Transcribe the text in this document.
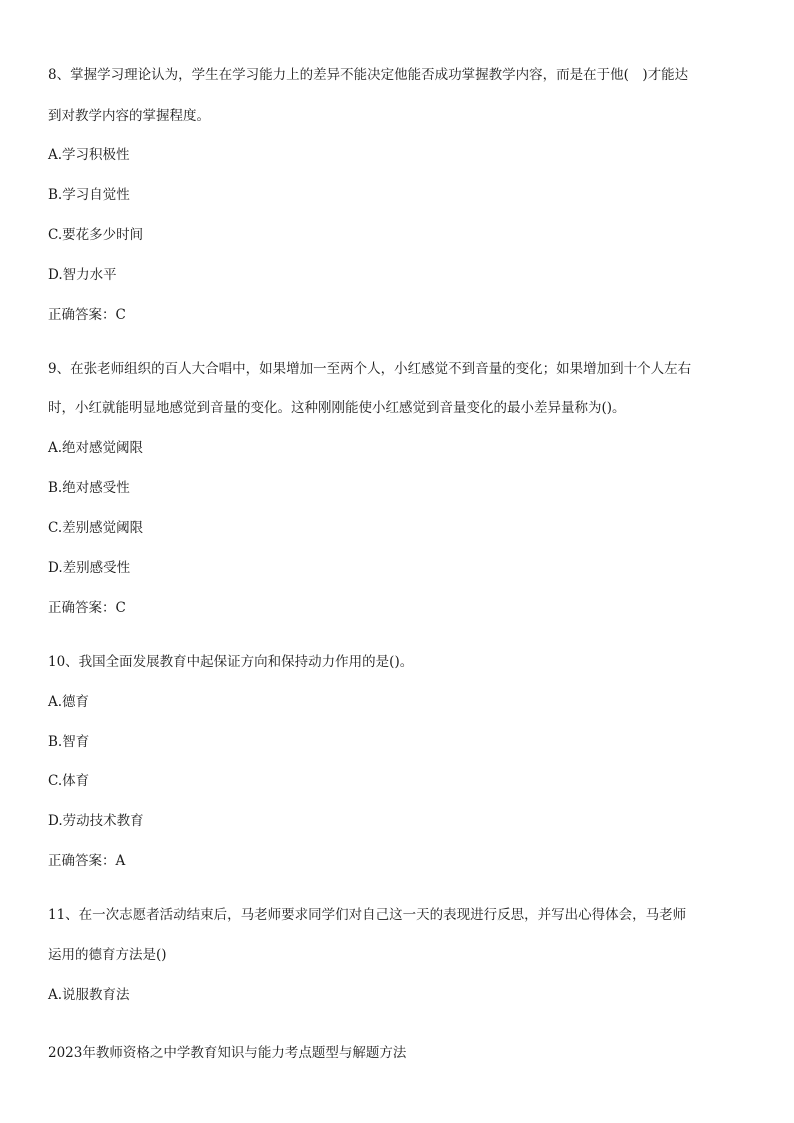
8、掌握学习理论认为，学生在学习能力上的差异不能决定他能否成功掌握教学内容，而是在于他(　)才能达
到对教学内容的掌握程度。
A.学习积极性
B.学习自觉性
C.要花多少时间
D.智力水平
正确答案：C
9、在张老师组织的百人大合唱中，如果增加一至两个人，小红感觉不到音量的变化；如果增加到十个人左右
时，小红就能明显地感觉到音量的变化。这种刚刚能使小红感觉到音量变化的最小差异量称为()。
A.绝对感觉阈限
B.绝对感受性
C.差别感觉阈限
D.差别感受性
正确答案：C
10、我国全面发展教育中起保证方向和保持动力作用的是()。
A.德育
B.智育
C.体育
D.劳动技术教育
正确答案：A
11、在一次志愿者活动结束后，马老师要求同学们对自己这一天的表现进行反思，并写出心得体会，马老师
运用的德育方法是()
A.说服教育法
2023年教师资格之中学教育知识与能力考点题型与解题方法
